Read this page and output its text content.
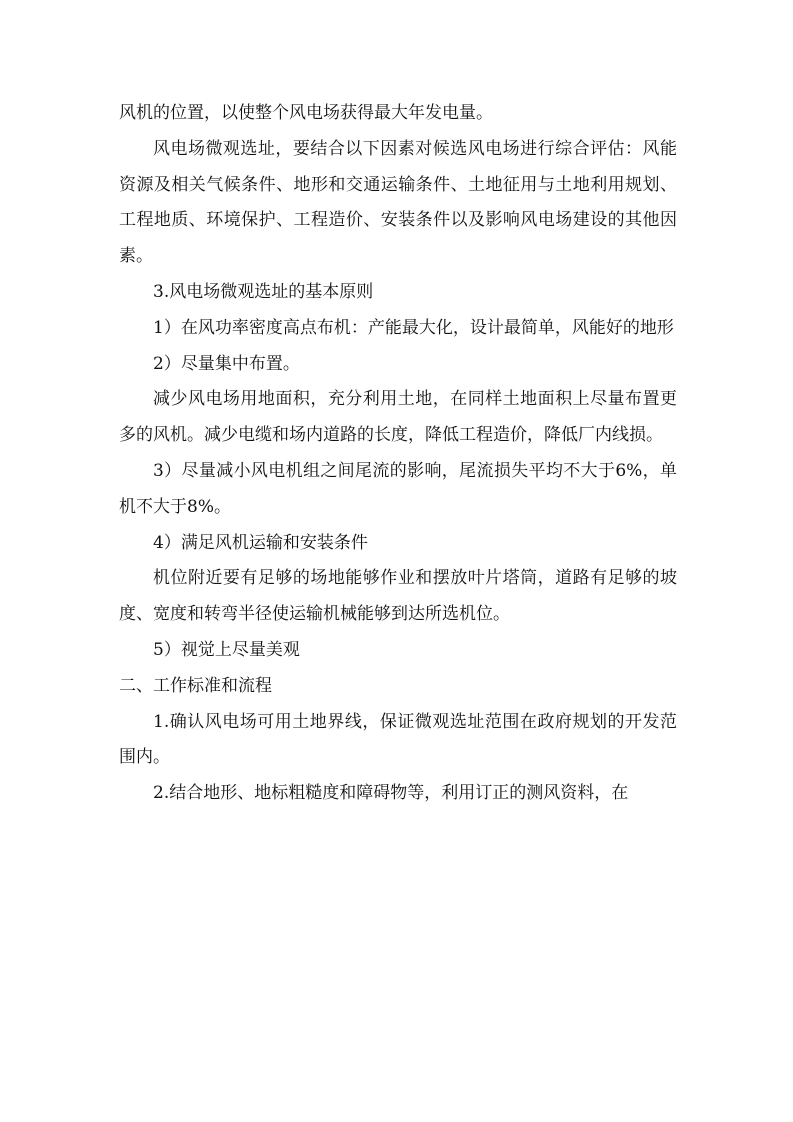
风机的位置，以使整个风电场获得最大年发电量。

风电场微观选址，要结合以下因素对候选风电场进行综合评估：风能资源及相关气候条件、地形和交通运输条件、土地征用与土地利用规划、工程地质、环境保护、工程造价、安装条件以及影响风电场建设的其他因素。

3.风电场微观选址的基本原则

1）在风功率密度高点布机：产能最大化，设计最简单，风能好的地形

2）尽量集中布置。

减少风电场用地面积，充分利用土地，在同样土地面积上尽量布置更多的风机。减少电缆和场内道路的长度，降低工程造价，降低厂内线损。

3）尽量减小风电机组之间尾流的影响，尾流损失平均不大于6%，单机不大于8%。

4）满足风机运输和安装条件

机位附近要有足够的场地能够作业和摆放叶片塔筒，道路有足够的坡度、宽度和转弯半径使运输机械能够到达所选机位。

5）视觉上尽量美观

二、工作标准和流程

1.确认风电场可用土地界线，保证微观选址范围在政府规划的开发范围内。

2.结合地形、地标粗糙度和障碍物等，利用订正的测风资料，在
